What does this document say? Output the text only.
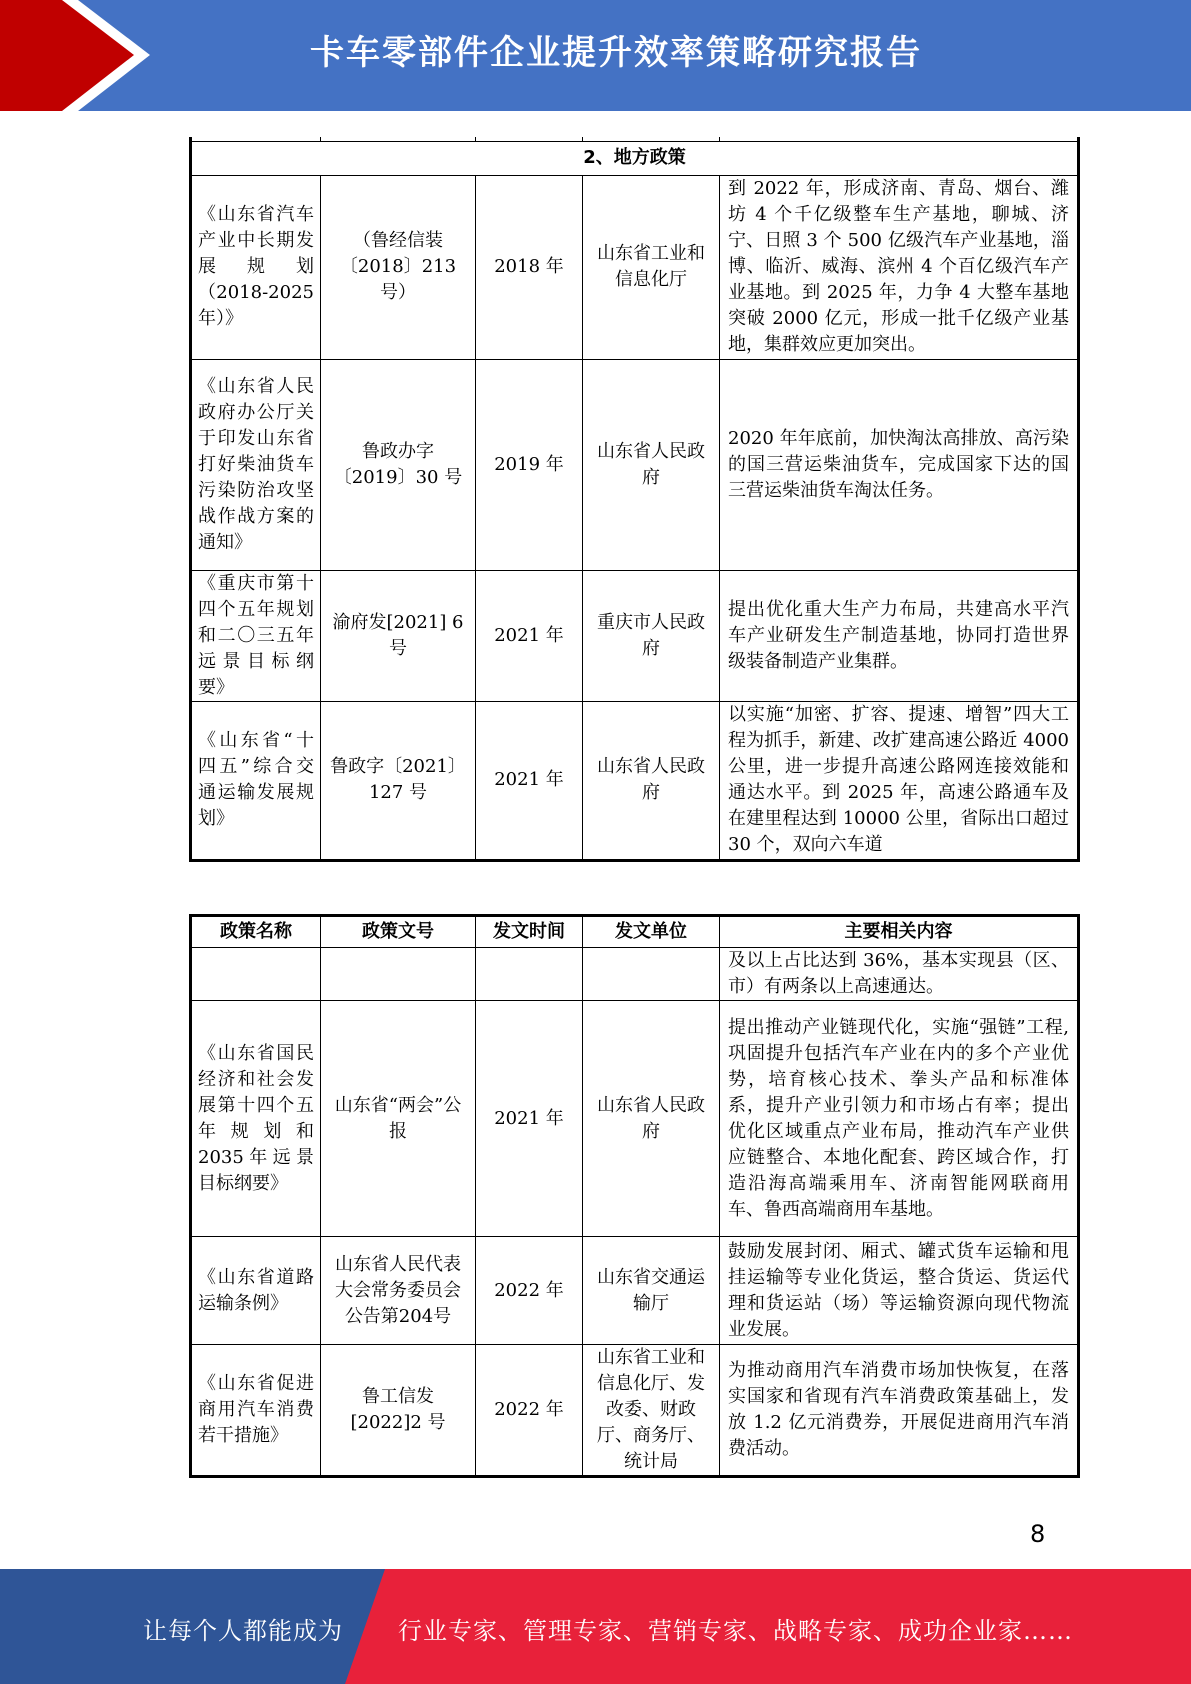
卡车零部件企业提升效率策略研究报告

2、地方政策				

《山东省汽车产业中长期发展规划（2018-2025年）》	（鲁经信装〔2018〕213号）	2018 年	山东省工业和信息化厅	到 2022 年，形成济南、青岛、烟台、潍坊 4 个千亿级整车生产基地，聊城、济宁、日照 3 个 500 亿级汽车产业基地，淄博、临沂、威海、滨州 4 个百亿级汽车产业基地。到 2025 年，力争 4 大整车基地突破 2000 亿元，形成一批千亿级产业基地，集群效应更加突出。

《山东省人民政府办公厅关于印发山东省打好柴油货车污染防治攻坚战作战方案的通知》	鲁政办字〔2019〕30 号	2019 年	山东省人民政府	2020 年年底前，加快淘汰高排放、高污染的国三营运柴油货车，完成国家下达的国三营运柴油货车淘汰任务。

《重庆市第十四个五年规划和二〇三五年远景目标纲要》	渝府发[2021] 6 号	2021 年	重庆市人民政府	提出优化重大生产力布局，共建高水平汽车产业研发生产制造基地，协同打造世界级装备制造产业集群。

《山东省“十四五”综合交通运输发展规划》	鲁政字〔2021〕127 号	2021 年	山东省人民政府	以实施“加密、扩容、提速、增智”四大工程为抓手，新建、改扩建高速公路近 4000 公里，进一步提升高速公路网连接效能和通达水平。到 2025 年，高速公路通车及在建里程达到 10000 公里，省际出口超过 30 个，双向六车道
政策名称	政策文号	发文时间	发文单位	主要相关内容
				及以上占比达到 36%，基本实现县（区、市）有两条以上高速通达。

《山东省国民经济和社会发展第十四个五年规划和2035年远景目标纲要》	山东省“两会”公报	2021 年	山东省人民政府	提出推动产业链现代化，实施“强链”工程,巩固提升包括汽车产业在内的多个产业优势，培育核心技术、拳头产品和标准体系，提升产业引领力和市场占有率；提出优化区域重点产业布局，推动汽车产业供应链整合、本地化配套、跨区域合作，打造沿海高端乘用车、济南智能网联商用车、鲁西高端商用车基地。

《山东省道路运输条例》	山东省人民代表大会常务委员会公告第204号	2022 年	山东省交通运输厅	鼓励发展封闭、厢式、罐式货车运输和甩挂运输等专业化货运，整合货运、货运代理和货运站（场）等运输资源向现代物流业发展。

《山东省促进商用汽车消费若干措施》	鲁工信发[2022]2 号	2022 年	山东省工业和信息化厅、发改委、财政厅、商务厅、统计局	为推动商用汽车消费市场加快恢复，在落实国家和省现有汽车消费政策基础上，发放 1.2 亿元消费券，开展促进商用汽车消费活动。
8
让每个人都能成为 行业专家、管理专家、营销专家、战略专家、成功企业家……
